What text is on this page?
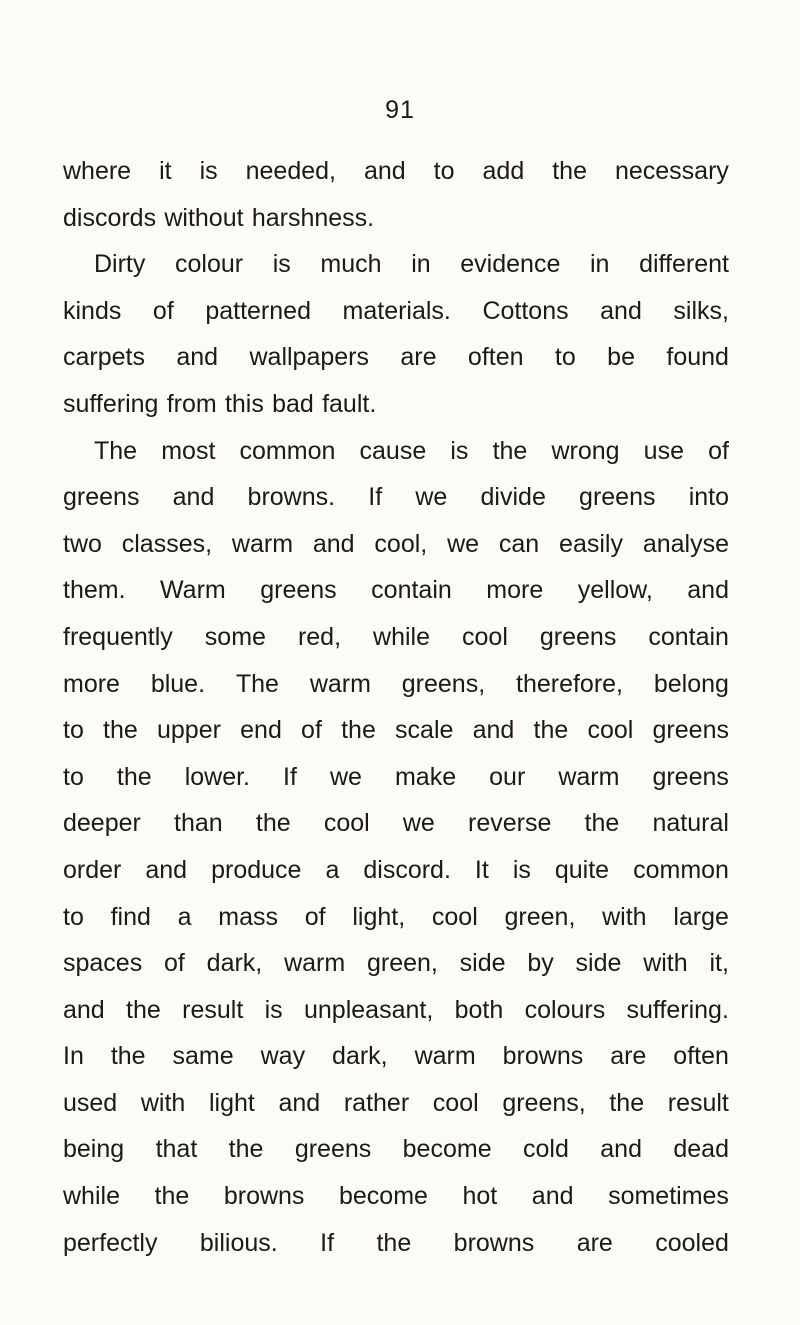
91
where it is needed, and to add the necessary
discords without harshness.
Dirty colour is much in evidence in different
kinds of patterned materials. Cottons and silks,
carpets and wallpapers are often to be found
suffering from this bad fault.
The most common cause is the wrong use of
greens and browns. If we divide greens into
two classes, warm and cool, we can easily analyse
them. Warm greens contain more yellow, and
frequently some red, while cool greens contain
more blue. The warm greens, therefore, belong
to the upper end of the scale and the cool greens
to the lower. If we make our warm greens
deeper than the cool we reverse the natural
order and produce a discord. It is quite common
to find a mass of light, cool green, with large
spaces of dark, warm green, side by side with it,
and the result is unpleasant, both colours suffering.
In the same way dark, warm browns are often
used with light and rather cool greens, the result
being that the greens become cold and dead
while the browns become hot and sometimes
perfectly bilious. If the browns are cooled
